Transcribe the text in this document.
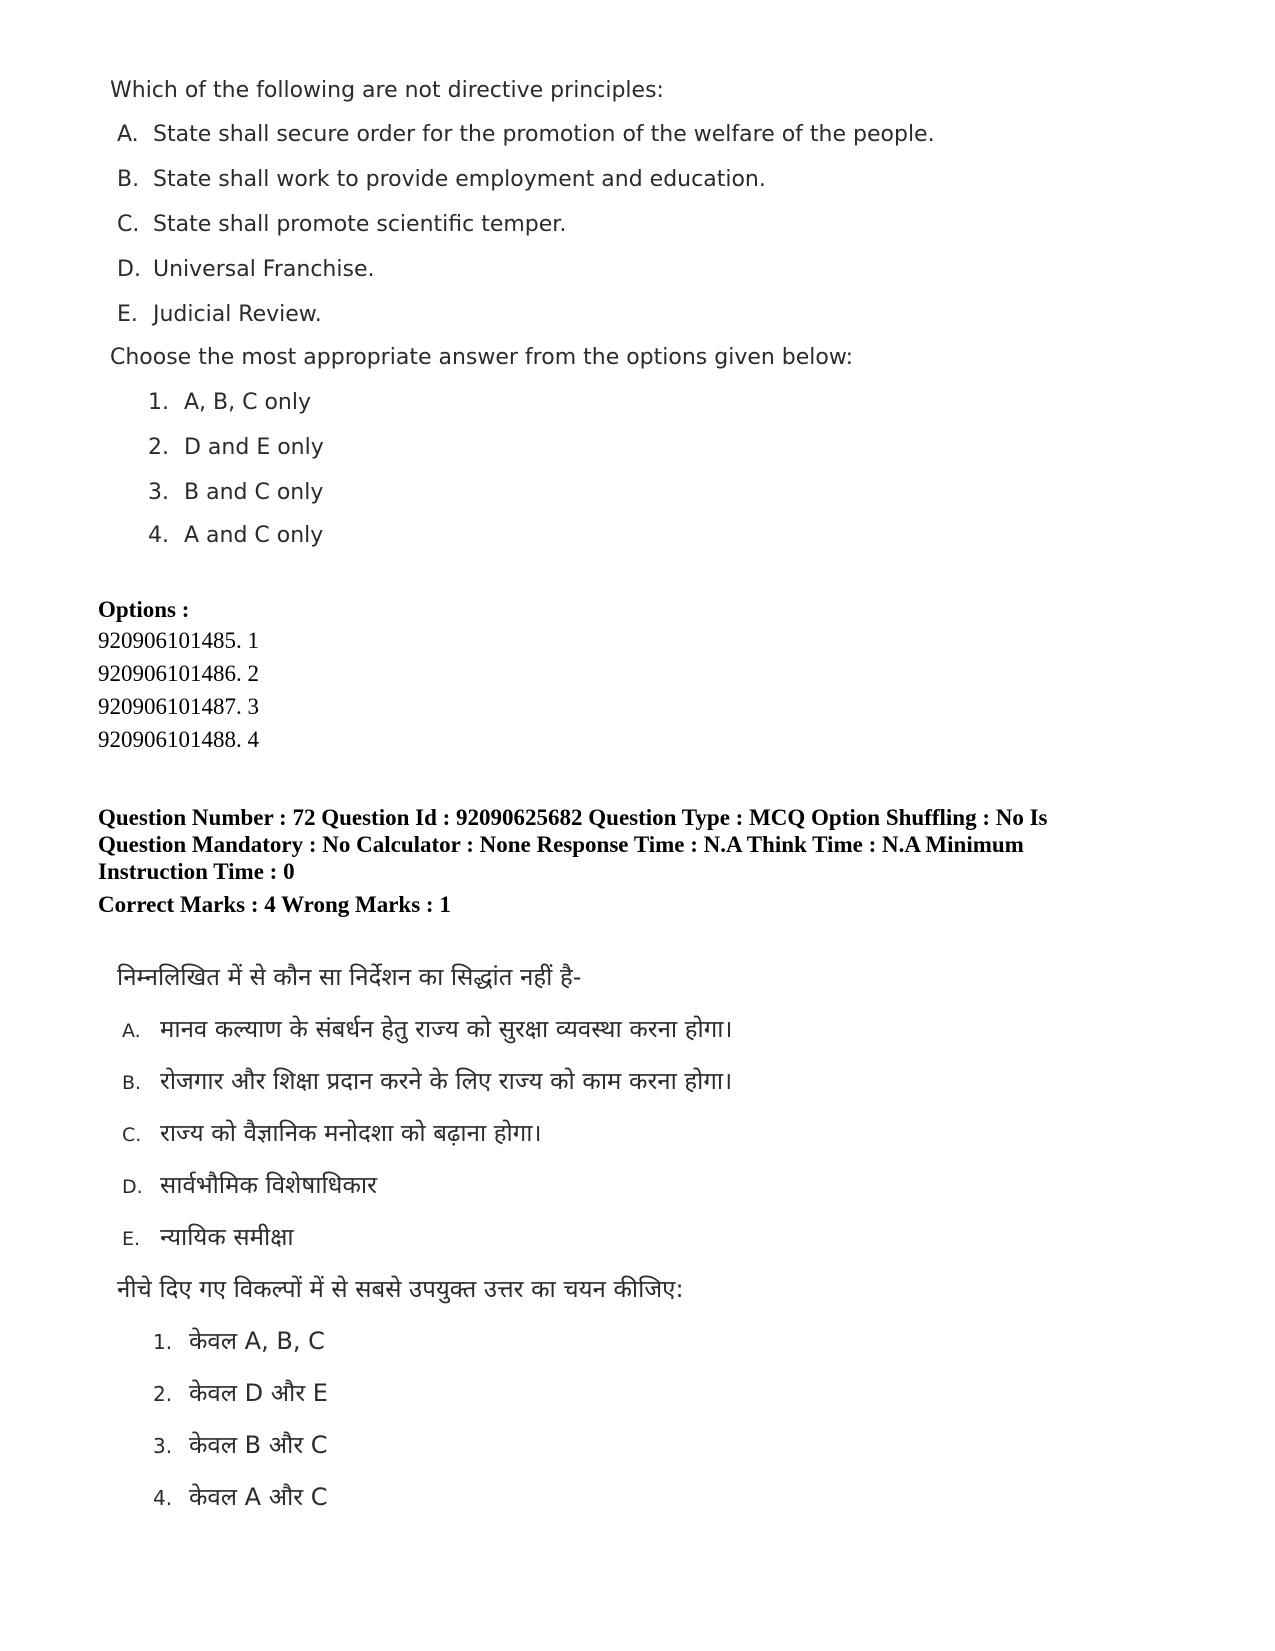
Which of the following are not directive principles:
A. State shall secure order for the promotion of the welfare of the people.
B. State shall work to provide employment and education.
C. State shall promote scientific temper.
D. Universal Franchise.
E. Judicial Review.
Choose the most appropriate answer from the options given below:
1. A, B, C only
2. D and E only
3. B and C only
4. A and C only
Options :
920906101485. 1
920906101486. 2
920906101487. 3
920906101488. 4
Question Number : 72 Question Id : 92090625682 Question Type : MCQ Option Shuffling : No Is
Question Mandatory : No Calculator : None Response Time : N.A Think Time : N.A Minimum
Instruction Time : 0
Correct Marks : 4 Wrong Marks : 1
निम्नलिखित में से कौन सा निर्देशन का सिद्धांत नहीं है-
A. मानव कल्याण के संबर्धन हेतु राज्य को सुरक्षा व्यवस्था करना होगा।
B. रोजगार और शिक्षा प्रदान करने के लिए राज्य को काम करना होगा।
C. राज्य को वैज्ञानिक मनोदशा को बढ़ाना होगा।
D. सार्वभौमिक विशेषाधिकार
E. न्यायिक समीक्षा
नीचे दिए गए विकल्पों में से सबसे उपयुक्त उत्तर का चयन कीजिए:
1. केवल A, B, C
2. केवल D और E
3. केवल B और C
4. केवल A और C
